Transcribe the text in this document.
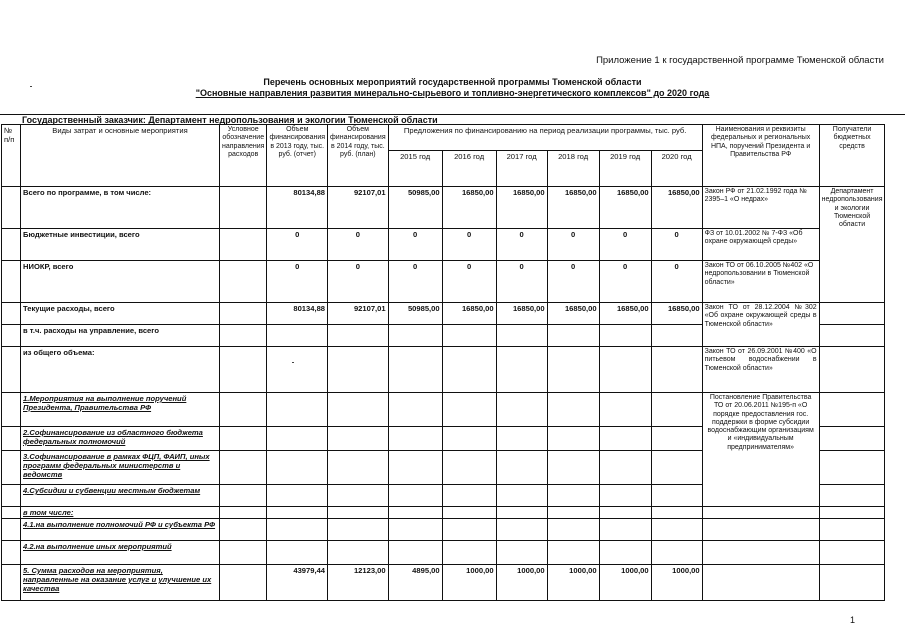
Приложение 1 к государственной программе Тюменской области
Перечень основных мероприятий государственной программы Тюменской области
"Основные направления развития минерально-сырьевого и топливно-энергетического комплексов" до 2020 года
Государственный заказчик: Департамент недропользования и экологии Тюменской области
№ п/п	Виды затрат и основные мероприятия	Условное обозначение направления расходов	Объем финансирования в 2013 году, тыс. руб. (отчет)	Объем финансирования в 2014 году, тыс. руб. (план)	Предложения по финансированию на период реализации программы, тыс. руб.						Наименования и реквизиты федеральных и региональных НПА, поручений Президента и Правительства РФ	Получатели бюджетных средств
					2015 год	2016 год	2017 год	2018 год	2019 год	2020 год		
	Всего по программе, в том числе:		80134,88	92107,01	50985,00	16850,00	16850,00	16850,00	16850,00	16850,00	Закон РФ от 21.02.1992 года № 2395–1 «О недрах»	Департамент недропользования и экологии Тюменской области
	Бюджетные инвестиции, всего		0	0	0	0	0	0	0	0	ФЗ от 10.01.2002 № 7-ФЗ «Об охране окружающей среды»	
	НИОКР, всего		0	0	0	0	0	0	0	0	Закон ТО от 06.10.2005 №402 «О недропользовании в Тюменской области»	
	Текущие расходы, всего		80134,88	92107,01	50985,00	16850,00	16850,00	16850,00	16850,00	16850,00	Закон ТО от 28.12.2004 №302 «Об охране окружающей среды в Тюменской области»	
	в т.ч. расходы на управление, всего											
	из общего объема:										Закон ТО от 26.09.2001 №400 «О питьевом водоснабжении в Тюменской области»	
	1.Мероприятия на выполнение поручений Президента, Правительства РФ										Постановление Правительства ТО от 20.06.2011 №195-п «О порядке предоставления гос. поддержки в форме субсидии водоснабжающим организациям и «индивидуальным предпринимателям»	
	2.Софинансирование из областного бюджета федеральных полномочий											
	3.Софинансирование в рамках ФЦП, ФАИП, иных программ федеральных министерств и ведомств											
	4.Субсидии и субвенции местным бюджетам											
	в том числе:											
	4.1.на выполнение полномочий РФ и субъекта РФ											
	4.2.на выполнение иных мероприятий											
	5. Сумма расходов на мероприятия, направленные на оказание услуг и улучшение их качества		43979,44	12123,00	4895,00	1000,00	1000,00	1000,00	1000,00	1000,00		
1
